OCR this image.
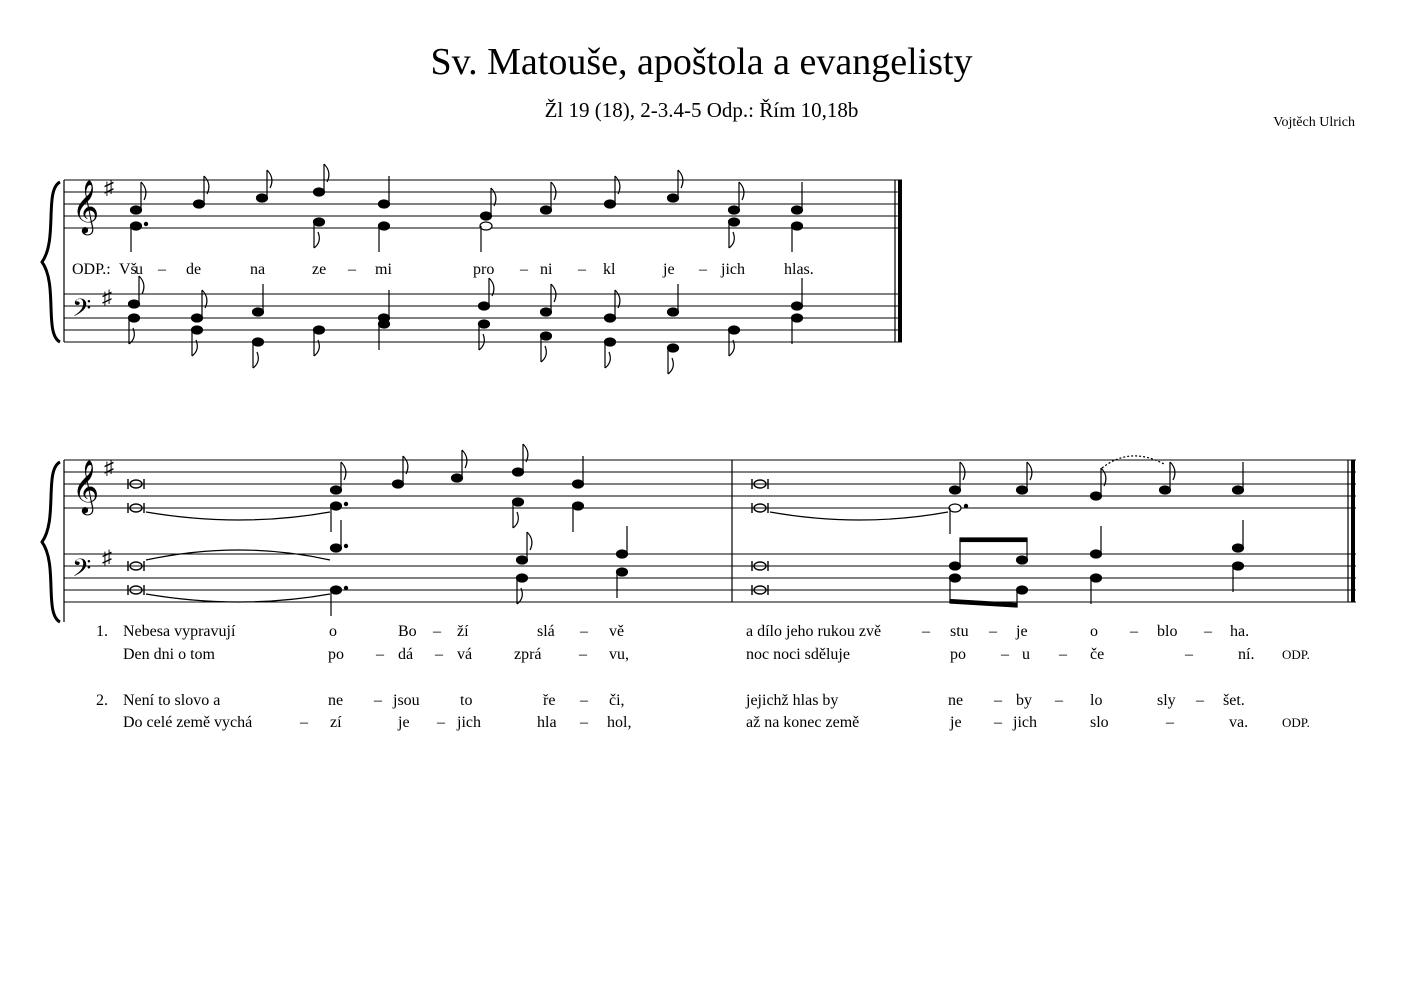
Sv. Matouše, apoštola a evangelisty
Žl 19 (18), 2-3.4-5 Odp.: Řím 10,18b
Vojtěch Ulrich
𝄞 ♯
𝄢 ♯
ODP.: Vš
u – de	na	ze – mi	pro – ni – kl	je – jich hlas.
𝄞 ♯
𝄢 ♯
1. Nebesa vypravují	o	Bo – ží	slá – vě	a dílo jeho rukou zvě	– stu – je	o – blo – ha.
Den dni o tom	po – dá – vá	zprá – vu,	noc noci sděluje	po – u – če	–	ní. ODP.
2. Není to slovo a	ne – jsou	to	ře – či,	jejichž hlas by	ne – by – lo	sly – šet.
Do celé země vychá	– zí	je – jich	hla – hol,	až na konec země	je – jich	slo	–	va.	ODP.
